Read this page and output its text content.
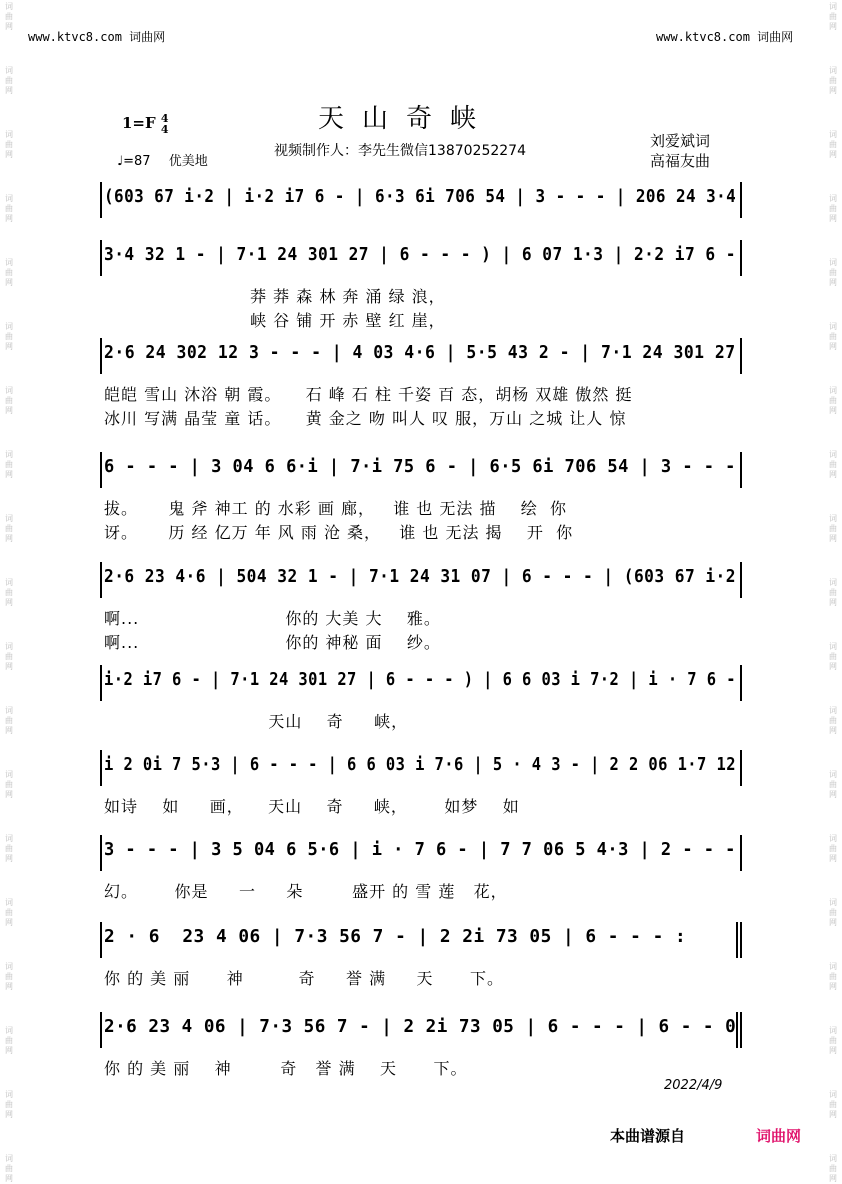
词
曲
网
词
曲
网
词
曲
网
词
曲
网
词
曲
网
词
曲
网
词
曲
网
词
曲
网
词
曲
网
词
曲
网
词
曲
网
词
曲
网
词
曲
网
词
曲
网
词
曲
网
词
曲
网
词
曲
网
词
曲
网
词
曲
网
词
曲
网
词
曲
网
词
曲
网
词
曲
网
词
曲
网
词
曲
网
词
曲
网
词
曲
网
词
曲
网
词
曲
网
词
曲
网
词
曲
网
词
曲
网
词
曲
网
词
曲
网
词
曲
网
词
曲
网
词
曲
网
词
曲
网
www.ktvc8.com 词曲网	www.ktvc8.com 词曲网
天山奇峡
1=F 4
4
♩=87 优美地
视频制作人：李先生微信13870252274
刘爱斌词
高福友曲
(603 67 i·2 | i·2 i7 6 - | 6·3 6i 706 54 | 3 - - - | 206 24 3·4
3·4 32 1 - | 7·1 24 301 27 | 6 - - - ) | 6 07 1·3 | 2·2 i7 6 -
莽 莽 森 林 奔 涌 绿 浪，
峡 谷 铺 开 赤 壁 红 崖，
2·6 24 302 12 3 - - - | 4 03 4·6 | 5·5 43 2 - | 7·1 24 301 27
皑皑 雪山 沐浴 朝 霞。    石 峰 石 柱 千姿 百 态，胡杨 双雄 傲然 挺
冰川 写满 晶莹 童 话。    黄 金之 吻 叫人 叹 服，万山 之城 让人 惊
6 - - - | 3 04 6 6·i | 7·i 75 6 - | 6·5 6i 706 54 | 3 - - -
拔。     鬼 斧 神工 的 水彩 画 廊，   谁 也 无法 描    绘  你
讶。     历 经 亿万 年 风 雨 沧 桑，   谁 也 无法 揭    开  你
2·6 23 4·6 | 504 32 1 - | 7·1 24 31 07 | 6 - - - | (603 67 i·2
啊...                        你的 大美 大    雅。
啊...                        你的 神秘 面    纱。
i·2 i7 6 - | 7·1 24 301 27 | 6 - - - ) | 6 6 03 i 7·2 | i · 7 6 -
天山    奇     峡，
i 2 0i 7 5·3 | 6 - - - | 6 6 03 i 7·6 | 5 · 4 3 - | 2 2 06 1·7 12
如诗    如     画，    天山    奇     峡，      如梦    如
3 - - - | 3 5 04 6 5·6 | i · 7 6 - | 7 7 06 5 4·3 | 2 - - -
幻。      你是     一     朵        盛开 的 雪 莲   花，
2 · 6  23 4 06 | 7·3 56 7 - | 2 2i 73 05 | 6 - - - :
你 的 美 丽      神         奇     誉 满     天      下。
2·6 23 4 06 | 7·3 56 7 - | 2 2i 73 05 | 6 - - - | 6 - - 0
你 的 美 丽    神        奇   誉 满    天      下。
2022/4/9
本曲谱源自	词曲网
